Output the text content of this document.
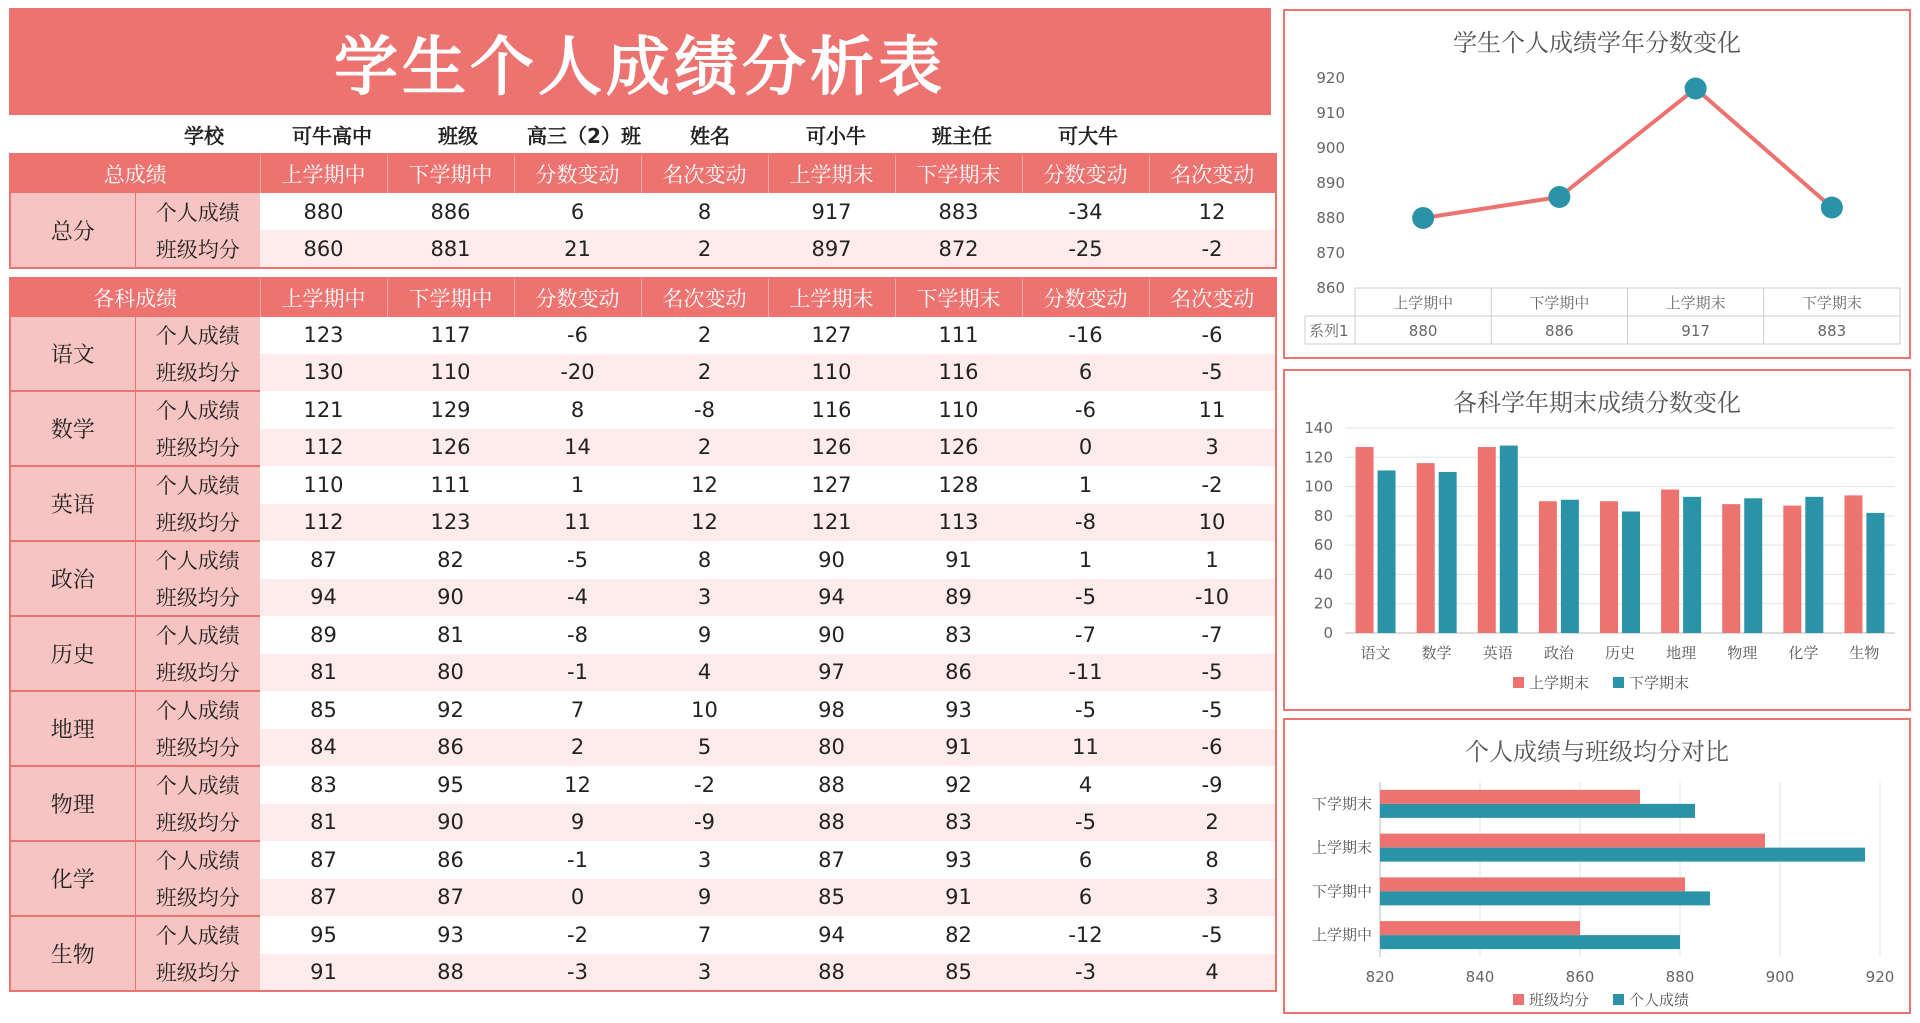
学生个人成绩分析表
学校	可牛高中	班级	高三（2）班	姓名	可小牛	班主任	可大牛
总成绩		上学期中	下学期中	分数变动	名次变动	上学期末	下学期末	分数变动	名次变动
总分	个人成绩	880	886	6	8	917	883	-34	12
	班级均分	860	881	21	2	897	872	-25	-2
各科成绩		上学期中	下学期中	分数变动	名次变动	上学期末	下学期末	分数变动	名次变动
语文	个人成绩	123	117	-6	2	127	111	-16	-6
	班级均分	130	110	-20	2	110	116	6	-5
数学	个人成绩	121	129	8	-8	116	110	-6	11
	班级均分	112	126	14	2	126	126	0	3
英语	个人成绩	110	111	1	12	127	128	1	-2
	班级均分	112	123	11	12	121	113	-8	10
政治	个人成绩	87	82	-5	8	90	91	1	1
	班级均分	94	90	-4	3	94	89	-5	-10
历史	个人成绩	89	81	-8	9	90	83	-7	-7
	班级均分	81	80	-1	4	97	86	-11	-5
地理	个人成绩	85	92	7	10	98	93	-5	-5
	班级均分	84	86	2	5	80	91	11	-6
物理	个人成绩	83	95	12	-2	88	92	4	-9
	班级均分	81	90	9	-9	88	83	-5	2
化学	个人成绩	87	86	-1	3	87	93	6	8
	班级均分	87	87	0	9	85	91	6	3
生物	个人成绩	95	93	-2	7	94	82	-12	-5
	班级均分	91	88	-3	3	88	85	-3	4
学生个人成绩学年分数变化
860
870
880
890
900
910
920
上学期中
880
下学期中
886
上学期末
917
下学期末
883
系列1
各科学年期末成绩分数变化
0
20
40
60
80
100
120
140
语文 数学 英语 政治 历史 地理 物理 化学 生物
上学期末	下学期末
个人成绩与班级均分对比
820	840	860	880	900	920
上学期中
下学期中
上学期末
下学期末
班级均分	个人成绩
